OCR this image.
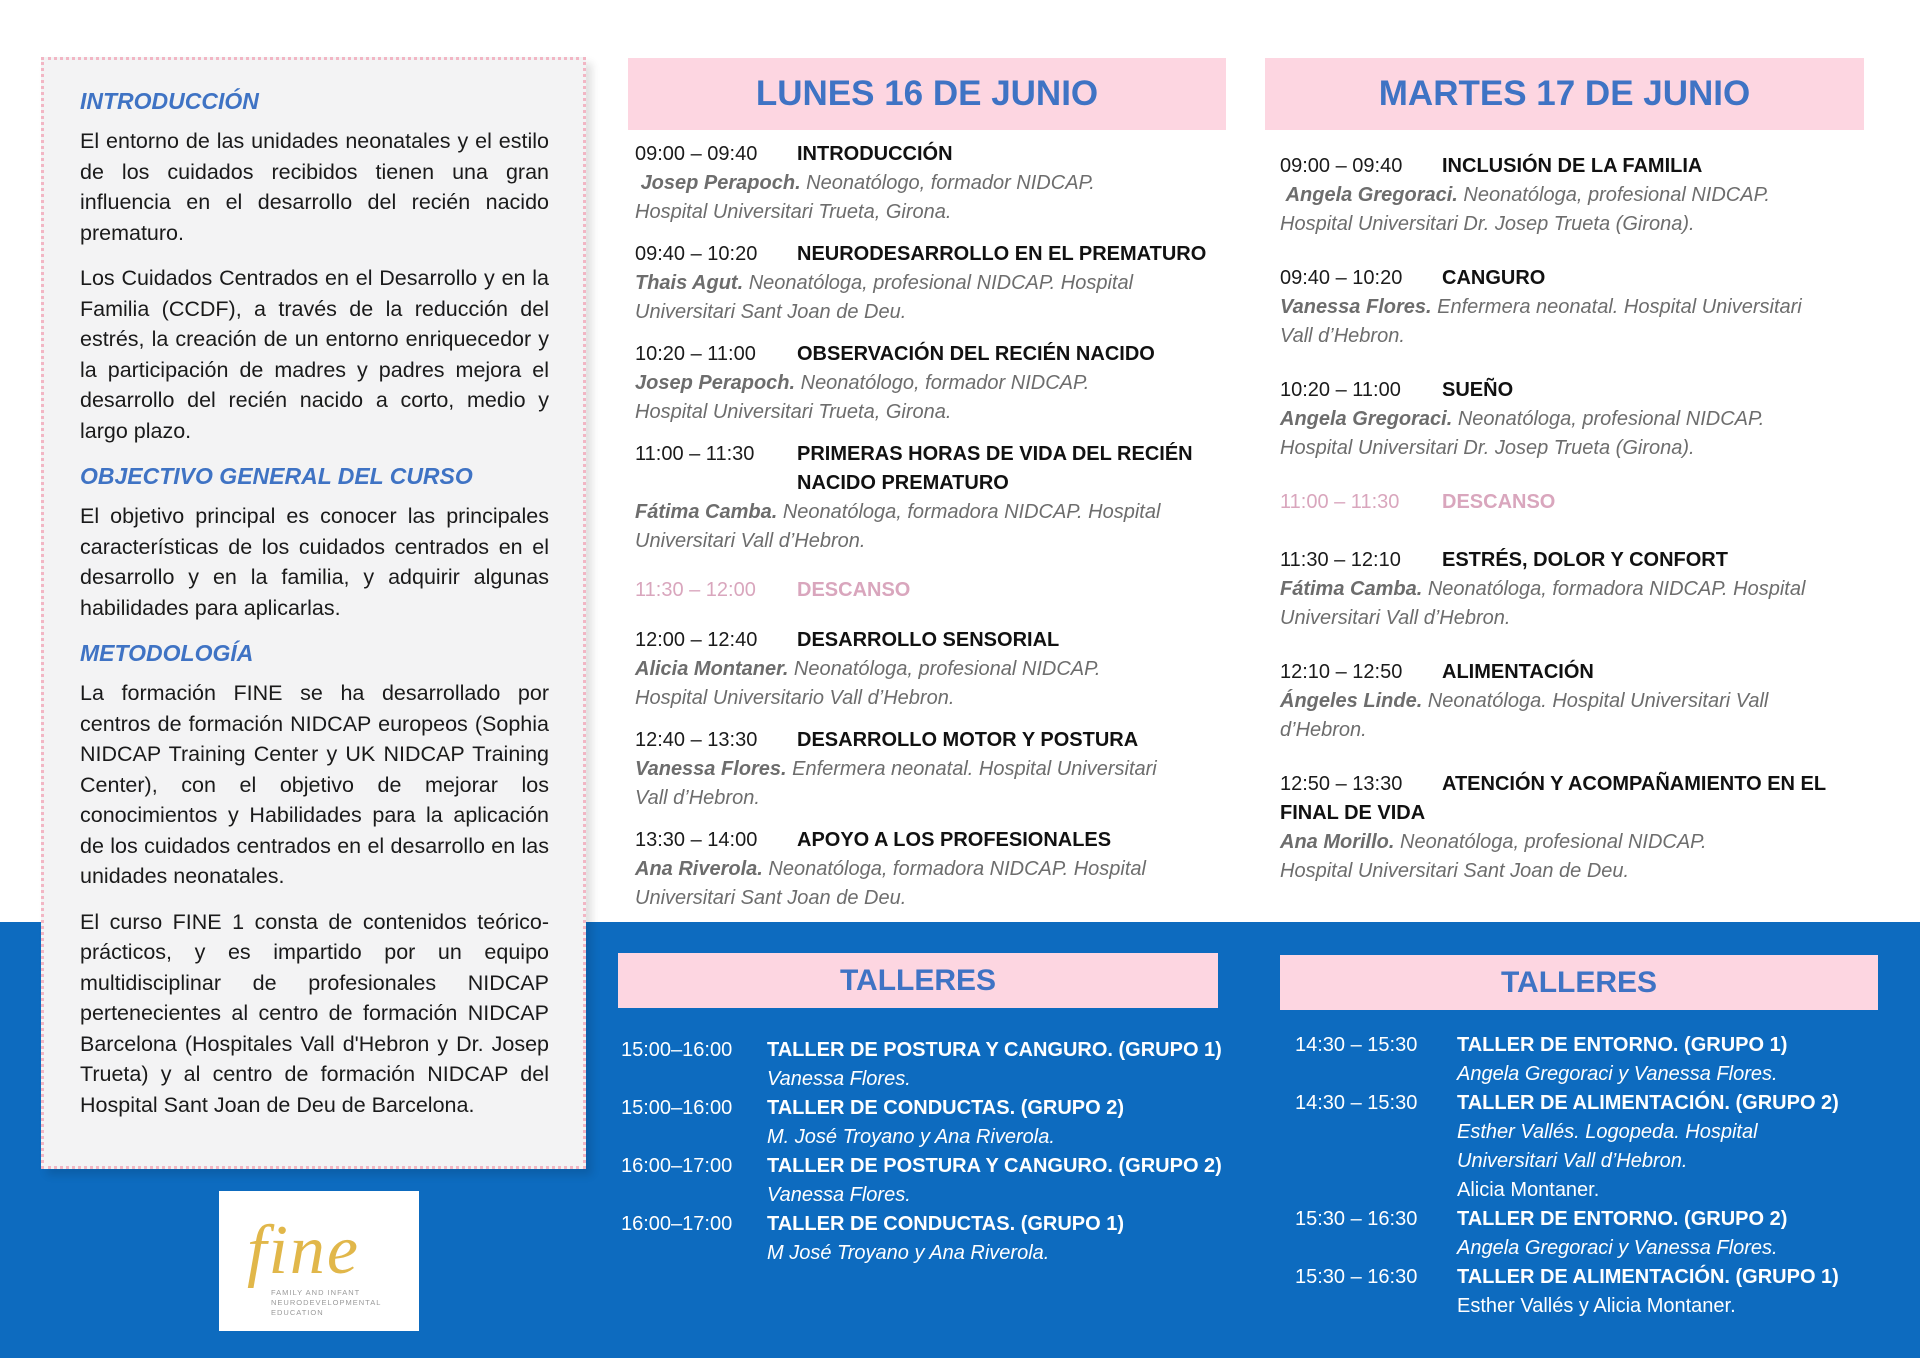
INTRODUCCIÓN

El entorno de las unidades neonatales y el estilo de los cuidados recibidos tienen una gran influencia en el desarrollo del recién nacido prematuro.

Los Cuidados Centrados en el Desarrollo y en la Familia (CCDF), a través de la reducción del estrés, la creación de un entorno enriquecedor y la participación de madres y padres mejora el desarrollo del recién nacido a corto, medio y largo plazo.

OBJECTIVO GENERAL DEL CURSO

El objetivo principal es conocer las principales características de los cuidados centrados en el desarrollo y en la familia, y adquirir algunas habilidades para aplicarlas.

METODOLOGÍA

La formación FINE se ha desarrollado por centros de formación NIDCAP europeos (Sophia NIDCAP Training Center y UK NIDCAP Training Center), con el objetivo de mejorar los conocimientos y Habilidades para la aplicación de los cuidados centrados en el desarrollo en las unidades neonatales.

El curso FINE 1 consta de contenidos teórico-prácticos, y es impartido por un equipo multidisciplinar de profesionales NIDCAP pertenecientes al centro de formación NIDCAP Barcelona (Hospitales Vall d'Hebron y Dr. Josep Trueta) y al centro de formación NIDCAP del Hospital Sant Joan de Deu de Barcelona.

fine
FAMILY AND INFANT NEURODEVELOPMENTAL EDUCATION
LUNES 16 DE JUNIO
09:00 – 09:40	INTRODUCCIÓN
Josep Perapoch. Neonatólogo, formador NIDCAP.
Hospital Universitari Trueta, Girona.
09:40 – 10:20	NEURODESARROLLO EN EL PREMATURO
Thais Agut. Neonatóloga, profesional NIDCAP. Hospital
Universitari Sant Joan de Deu.
10:20 – 11:00	OBSERVACIÓN DEL RECIÉN NACIDO
Josep Perapoch. Neonatólogo, formador NIDCAP.
Hospital Universitari Trueta, Girona.
11:00 – 11:30	PRIMERAS HORAS DE VIDA DEL RECIÉN
NACIDO PREMATURO
Fátima Camba. Neonatóloga, formadora NIDCAP. Hospital
Universitari Vall d’Hebron.
11:30 – 12:00	DESCANSO
12:00 – 12:40	DESARROLLO SENSORIAL
Alicia Montaner. Neonatóloga, profesional NIDCAP.
Hospital Universitario Vall d’Hebron.
12:40 – 13:30	DESARROLLO MOTOR Y POSTURA
Vanessa Flores. Enfermera neonatal. Hospital Universitari
Vall d’Hebron.
13:30 – 14:00	APOYO A LOS PROFESIONALES
Ana Riverola. Neonatóloga, formadora NIDCAP. Hospital
Universitari Sant Joan de Deu.
TALLERES
15:00–16:00	TALLER DE POSTURA Y CANGURO. (GRUPO 1)
Vanessa Flores.
15:00–16:00	TALLER DE CONDUCTAS. (GRUPO 2)
M. José Troyano y Ana Riverola.
16:00–17:00	TALLER DE POSTURA Y CANGURO. (GRUPO 2)
Vanessa Flores.
16:00–17:00	TALLER DE CONDUCTAS. (GRUPO 1)
M José Troyano y Ana Riverola.
MARTES 17 DE JUNIO
09:00 – 09:40	INCLUSIÓN DE LA FAMILIA
Angela Gregoraci. Neonatóloga, profesional NIDCAP.
Hospital Universitari Dr. Josep Trueta (Girona).
09:40 – 10:20	CANGURO
Vanessa Flores. Enfermera neonatal. Hospital Universitari
Vall d’Hebron.
10:20 – 11:00	SUEÑO
Angela Gregoraci. Neonatóloga, profesional NIDCAP.
Hospital Universitari Dr. Josep Trueta (Girona).
11:00 – 11:30	DESCANSO
11:30 – 12:10	ESTRÉS, DOLOR Y CONFORT
Fátima Camba. Neonatóloga, formadora NIDCAP. Hospital
Universitari Vall d’Hebron.
12:10 – 12:50	ALIMENTACIÓN
Ángeles Linde. Neonatóloga. Hospital Universitari Vall
d’Hebron.
12:50 – 13:30	ATENCIÓN Y ACOMPAÑAMIENTO EN EL
FINAL DE VIDA
Ana Morillo. Neonatóloga, profesional NIDCAP.
Hospital Universitari Sant Joan de Deu.
TALLERES
14:30 – 15:30	TALLER DE ENTORNO. (GRUPO 1)
Angela Gregoraci y Vanessa Flores.
14:30 – 15:30	TALLER DE ALIMENTACIÓN. (GRUPO 2)
Esther Vallés. Logopeda. Hospital
Universitari Vall d’Hebron.
Alicia Montaner.
15:30 – 16:30	TALLER DE ENTORNO. (GRUPO 2)
Angela Gregoraci y Vanessa Flores.
15:30 – 16:30	TALLER DE ALIMENTACIÓN. (GRUPO 1)
Esther Vallés y Alicia Montaner.
